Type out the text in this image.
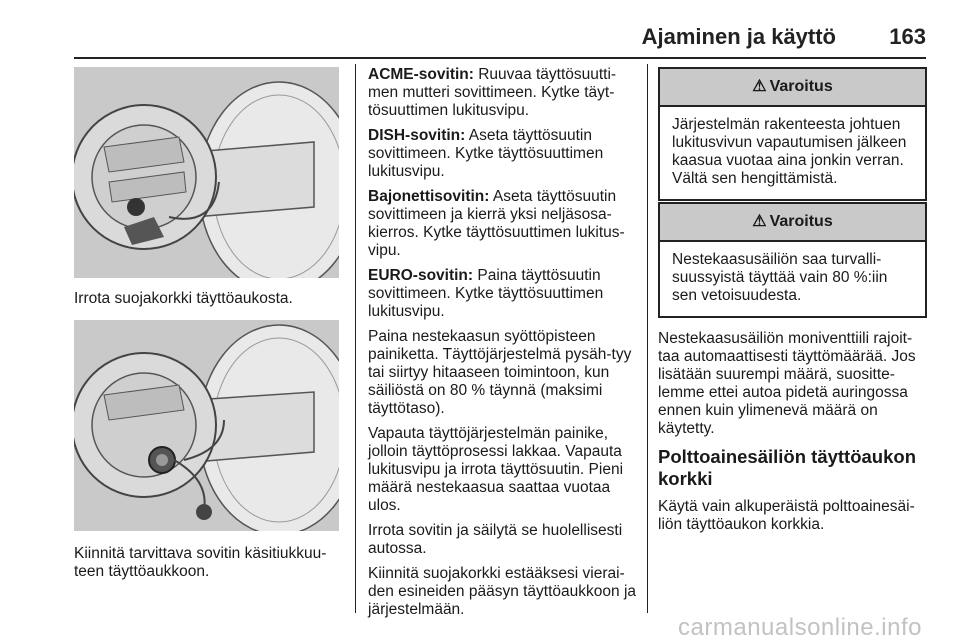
Ajaminen ja käyttö 163
Irrota suojakorkki täyttöaukosta.
Kiinnitä tarvittava sovitin käsitiukkuu-teen täyttöaukkoon.

ACME-sovitin: Ruuvaa täyttösuutti-men mutteri sovittimeen. Kytke täyt-tösuuttimen lukitusvipu.

DISH-sovitin: Aseta täyttösuutin sovittimeen. Kytke täyttösuuttimen lukitusvipu.

Bajonettisovitin: Aseta täyttösuutin sovittimeen ja kierrä yksi neljäsosa-kierros. Kytke täyttösuuttimen lukitus-vipu.

EURO-sovitin: Paina täyttösuutin sovittimeen. Kytke täyttösuuttimen lukitusvipu.

Paina nestekaasun syöttöpisteen painiketta. Täyttöjärjestelmä pysäh-tyy tai siirtyy hitaaseen toimintoon, kun säiliöstä on 80 % täynnä (maksimi täyttötaso).

Vapauta täyttöjärjestelmän painike, jolloin täyttöprosessi lakkaa. Vapauta lukitusvipu ja irrota täyttösuutin. Pieni määrä nestekaasua saattaa vuotaa ulos.

Irrota sovitin ja säilytä se huolellisesti autossa.

Kiinnitä suojakorkki estääksesi vierai-den esineiden pääsyn täyttöaukkoon ja järjestelmään.

⚠ Varoitus
Järjestelmän rakenteesta johtuen lukitusvivun vapautumisen jälkeen kaasua vuotaa aina jonkin verran. Vältä sen hengittämistä.
⚠ Varoitus
Nestekaasusäiliön saa turvalli-suussyistä täyttää vain 80 %:iin sen vetoisuudesta.

Nestekaasusäiliön moniventtiili rajoit-taa automaattisesti täyttömäärää. Jos lisätään suurempi määrä, suositte-lemme ettei autoa pidetä auringossa ennen kuin ylimenevä määrä on käytetty.

Polttoainesäiliön täyttöaukon korkki

Käytä vain alkuperäistä polttoainesäi-liön täyttöaukon korkkia.

carmanualsonline.info
